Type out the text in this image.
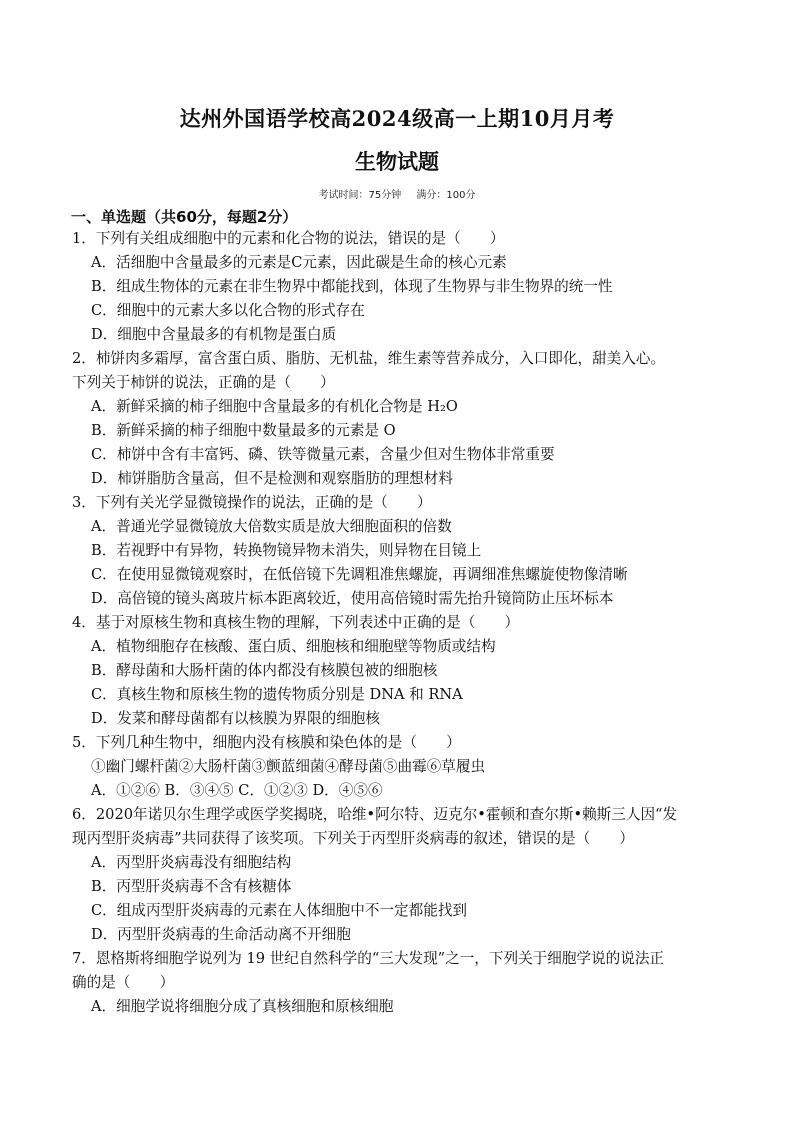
达州外国语学校高2024级高一上期10月月考
生物试题
考试时间：75分钟 满分：100分
一、单选题（共60分，每题2分）
1．下列有关组成细胞中的元素和化合物的说法，错误的是（　　）
A．活细胞中含量最多的元素是C元素，因此碳是生命的核心元素
B．组成生物体的元素在非生物界中都能找到，体现了生物界与非生物界的统一性
C．细胞中的元素大多以化合物的形式存在
D．细胞中含量最多的有机物是蛋白质
2．柿饼肉多霜厚，富含蛋白质、脂肪、无机盐，维生素等营养成分，入口即化，甜美入心。
下列关于柿饼的说法，正确的是（　　）
A．新鲜采摘的柿子细胞中含量最多的有机化合物是 H₂O
B．新鲜采摘的柿子细胞中数量最多的元素是 O
C．柿饼中含有丰富钙、磷、铁等微量元素，含量少但对生物体非常重要
D．柿饼脂肪含量高，但不是检测和观察脂肪的理想材料
3．下列有关光学显微镜操作的说法，正确的是（　　）
A．普通光学显微镜放大倍数实质是放大细胞面积的倍数
B．若视野中有异物，转换物镜异物未消失，则异物在目镜上
C．在使用显微镜观察时，在低倍镜下先调粗准焦螺旋，再调细准焦螺旋使物像清晰
D．高倍镜的镜头离玻片标本距离较近，使用高倍镜时需先抬升镜筒防止压坏标本
4．基于对原核生物和真核生物的理解，下列表述中正确的是（　　）
A．植物细胞存在核酸、蛋白质、细胞核和细胞壁等物质或结构
B．酵母菌和大肠杆菌的体内都没有核膜包被的细胞核
C．真核生物和原核生物的遗传物质分别是 DNA 和 RNA
D．发菜和酵母菌都有以核膜为界限的细胞核
5．下列几种生物中，细胞内没有核膜和染色体的是（　　）
①幽门螺杆菌②大肠杆菌③颤蓝细菌④酵母菌⑤曲霉⑥草履虫
A．①②⑥ B．③④⑤ C．①②③ D．④⑤⑥
6．2020年诺贝尔生理学或医学奖揭晓，哈维•阿尔特、迈克尔•霍顿和查尔斯•赖斯三人因“发
现丙型肝炎病毒”共同获得了该奖项。下列关于丙型肝炎病毒的叙述，错误的是（　　）
A．丙型肝炎病毒没有细胞结构
B．丙型肝炎病毒不含有核糖体
C．组成丙型肝炎病毒的元素在人体细胞中不一定都能找到
D．丙型肝炎病毒的生命活动离不开细胞
7．恩格斯将细胞学说列为 19 世纪自然科学的“三大发现”之一，下列关于细胞学说的说法正
确的是（　　）
A．细胞学说将细胞分成了真核细胞和原核细胞
